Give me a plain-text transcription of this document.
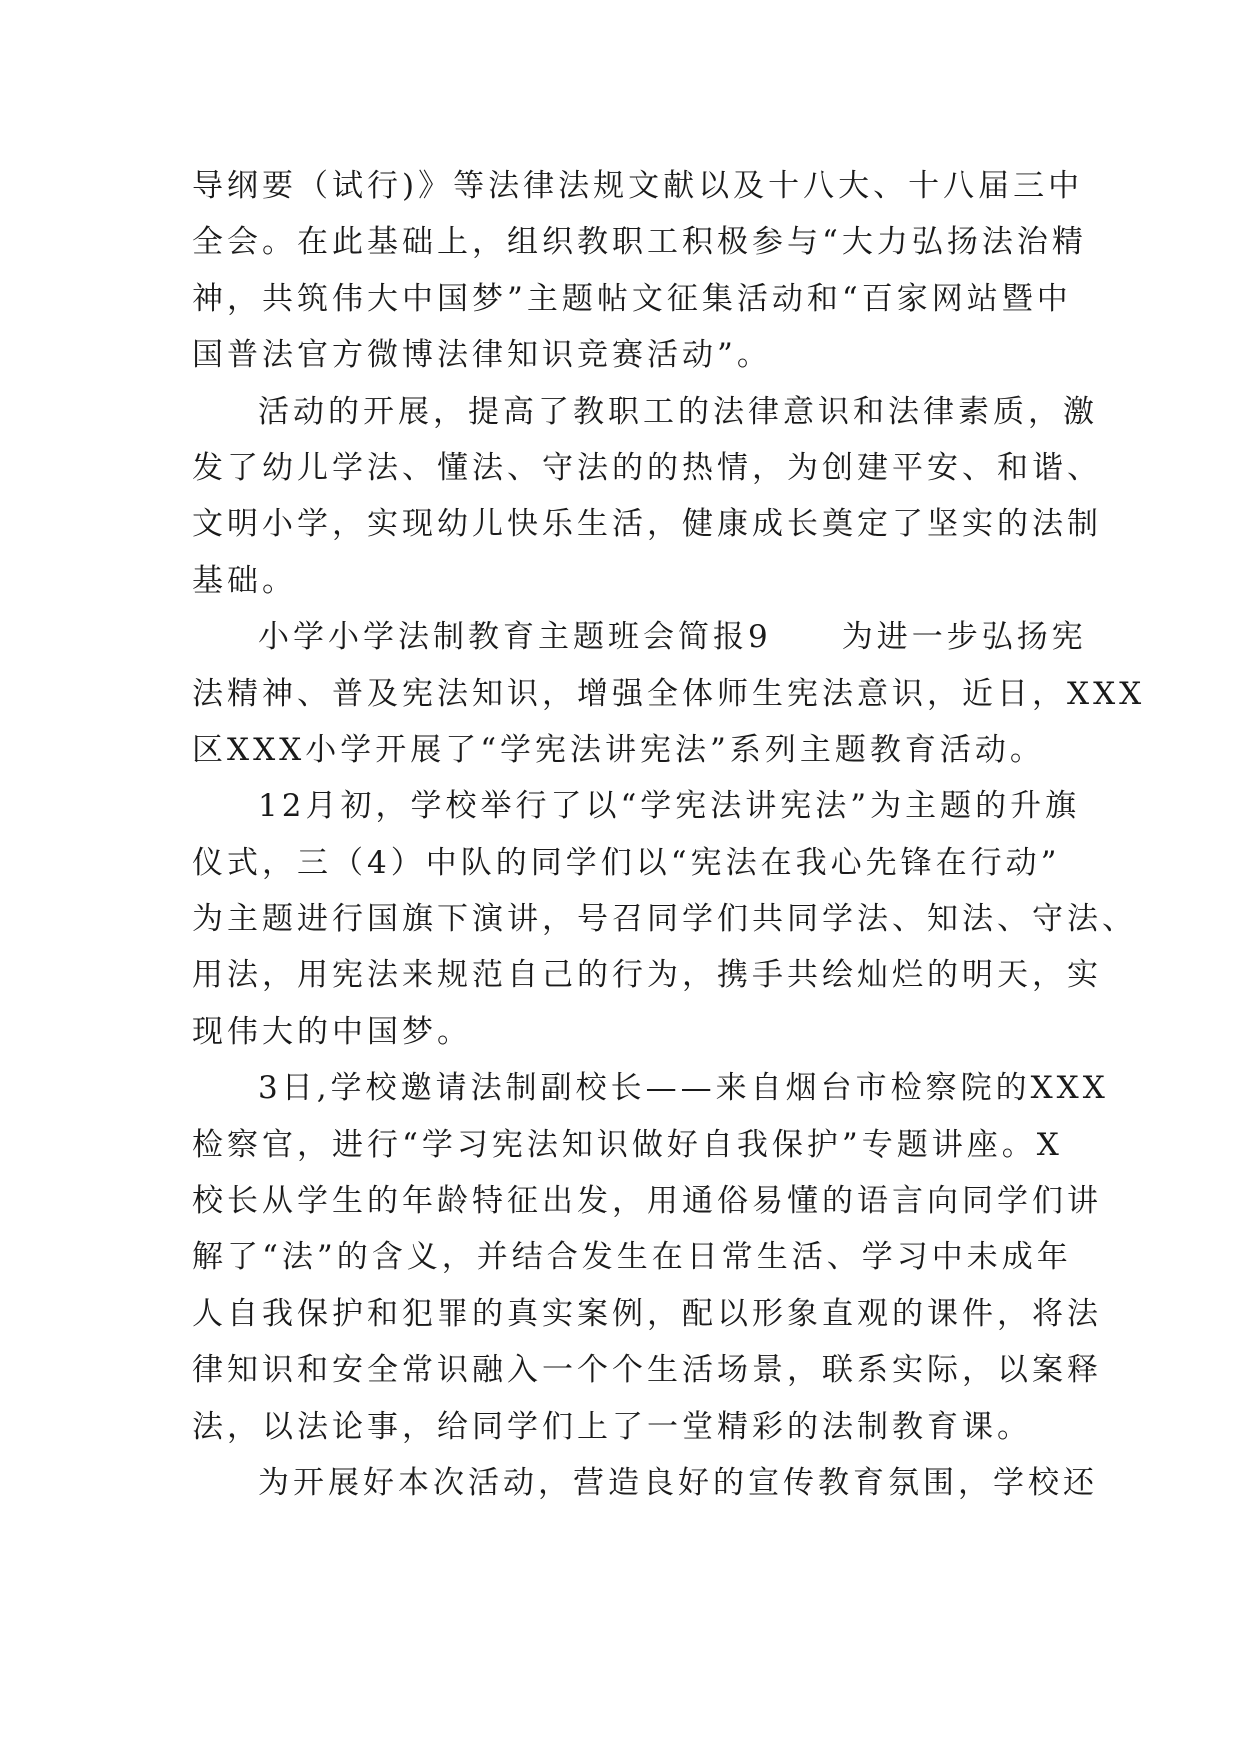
导纲要（试行)》等法律法规文献以及十八大、十八届三中
全会。在此基础上，组织教职工积极参与“大力弘扬法治精
神，共筑伟大中国梦”主题帖文征集活动和“百家网站暨中
国普法官方微博法律知识竞赛活动”。
活动的开展，提高了教职工的法律意识和法律素质，激
发了幼儿学法、懂法、守法的的热情，为创建平安、和谐、
文明小学，实现幼儿快乐生活，健康成长奠定了坚实的法制
基础。
小学小学法制教育主题班会简报9　　为进一步弘扬宪
法精神、普及宪法知识，增强全体师生宪法意识，近日，XXX
区XXX小学开展了“学宪法讲宪法”系列主题教育活动。
12月初，学校举行了以“学宪法讲宪法”为主题的升旗
仪式，三（4）中队的同学们以“宪法在我心先锋在行动”
为主题进行国旗下演讲，号召同学们共同学法、知法、守法、
用法，用宪法来规范自己的行为，携手共绘灿烂的明天，实
现伟大的中国梦。
3日,学校邀请法制副校长——来自烟台市检察院的XXX
检察官，进行“学习宪法知识做好自我保护”专题讲座。X
校长从学生的年龄特征出发，用通俗易懂的语言向同学们讲
解了“法”的含义，并结合发生在日常生活、学习中未成年
人自我保护和犯罪的真实案例，配以形象直观的课件，将法
律知识和安全常识融入一个个生活场景，联系实际，以案释
法，以法论事，给同学们上了一堂精彩的法制教育课。
为开展好本次活动，营造良好的宣传教育氛围，学校还
